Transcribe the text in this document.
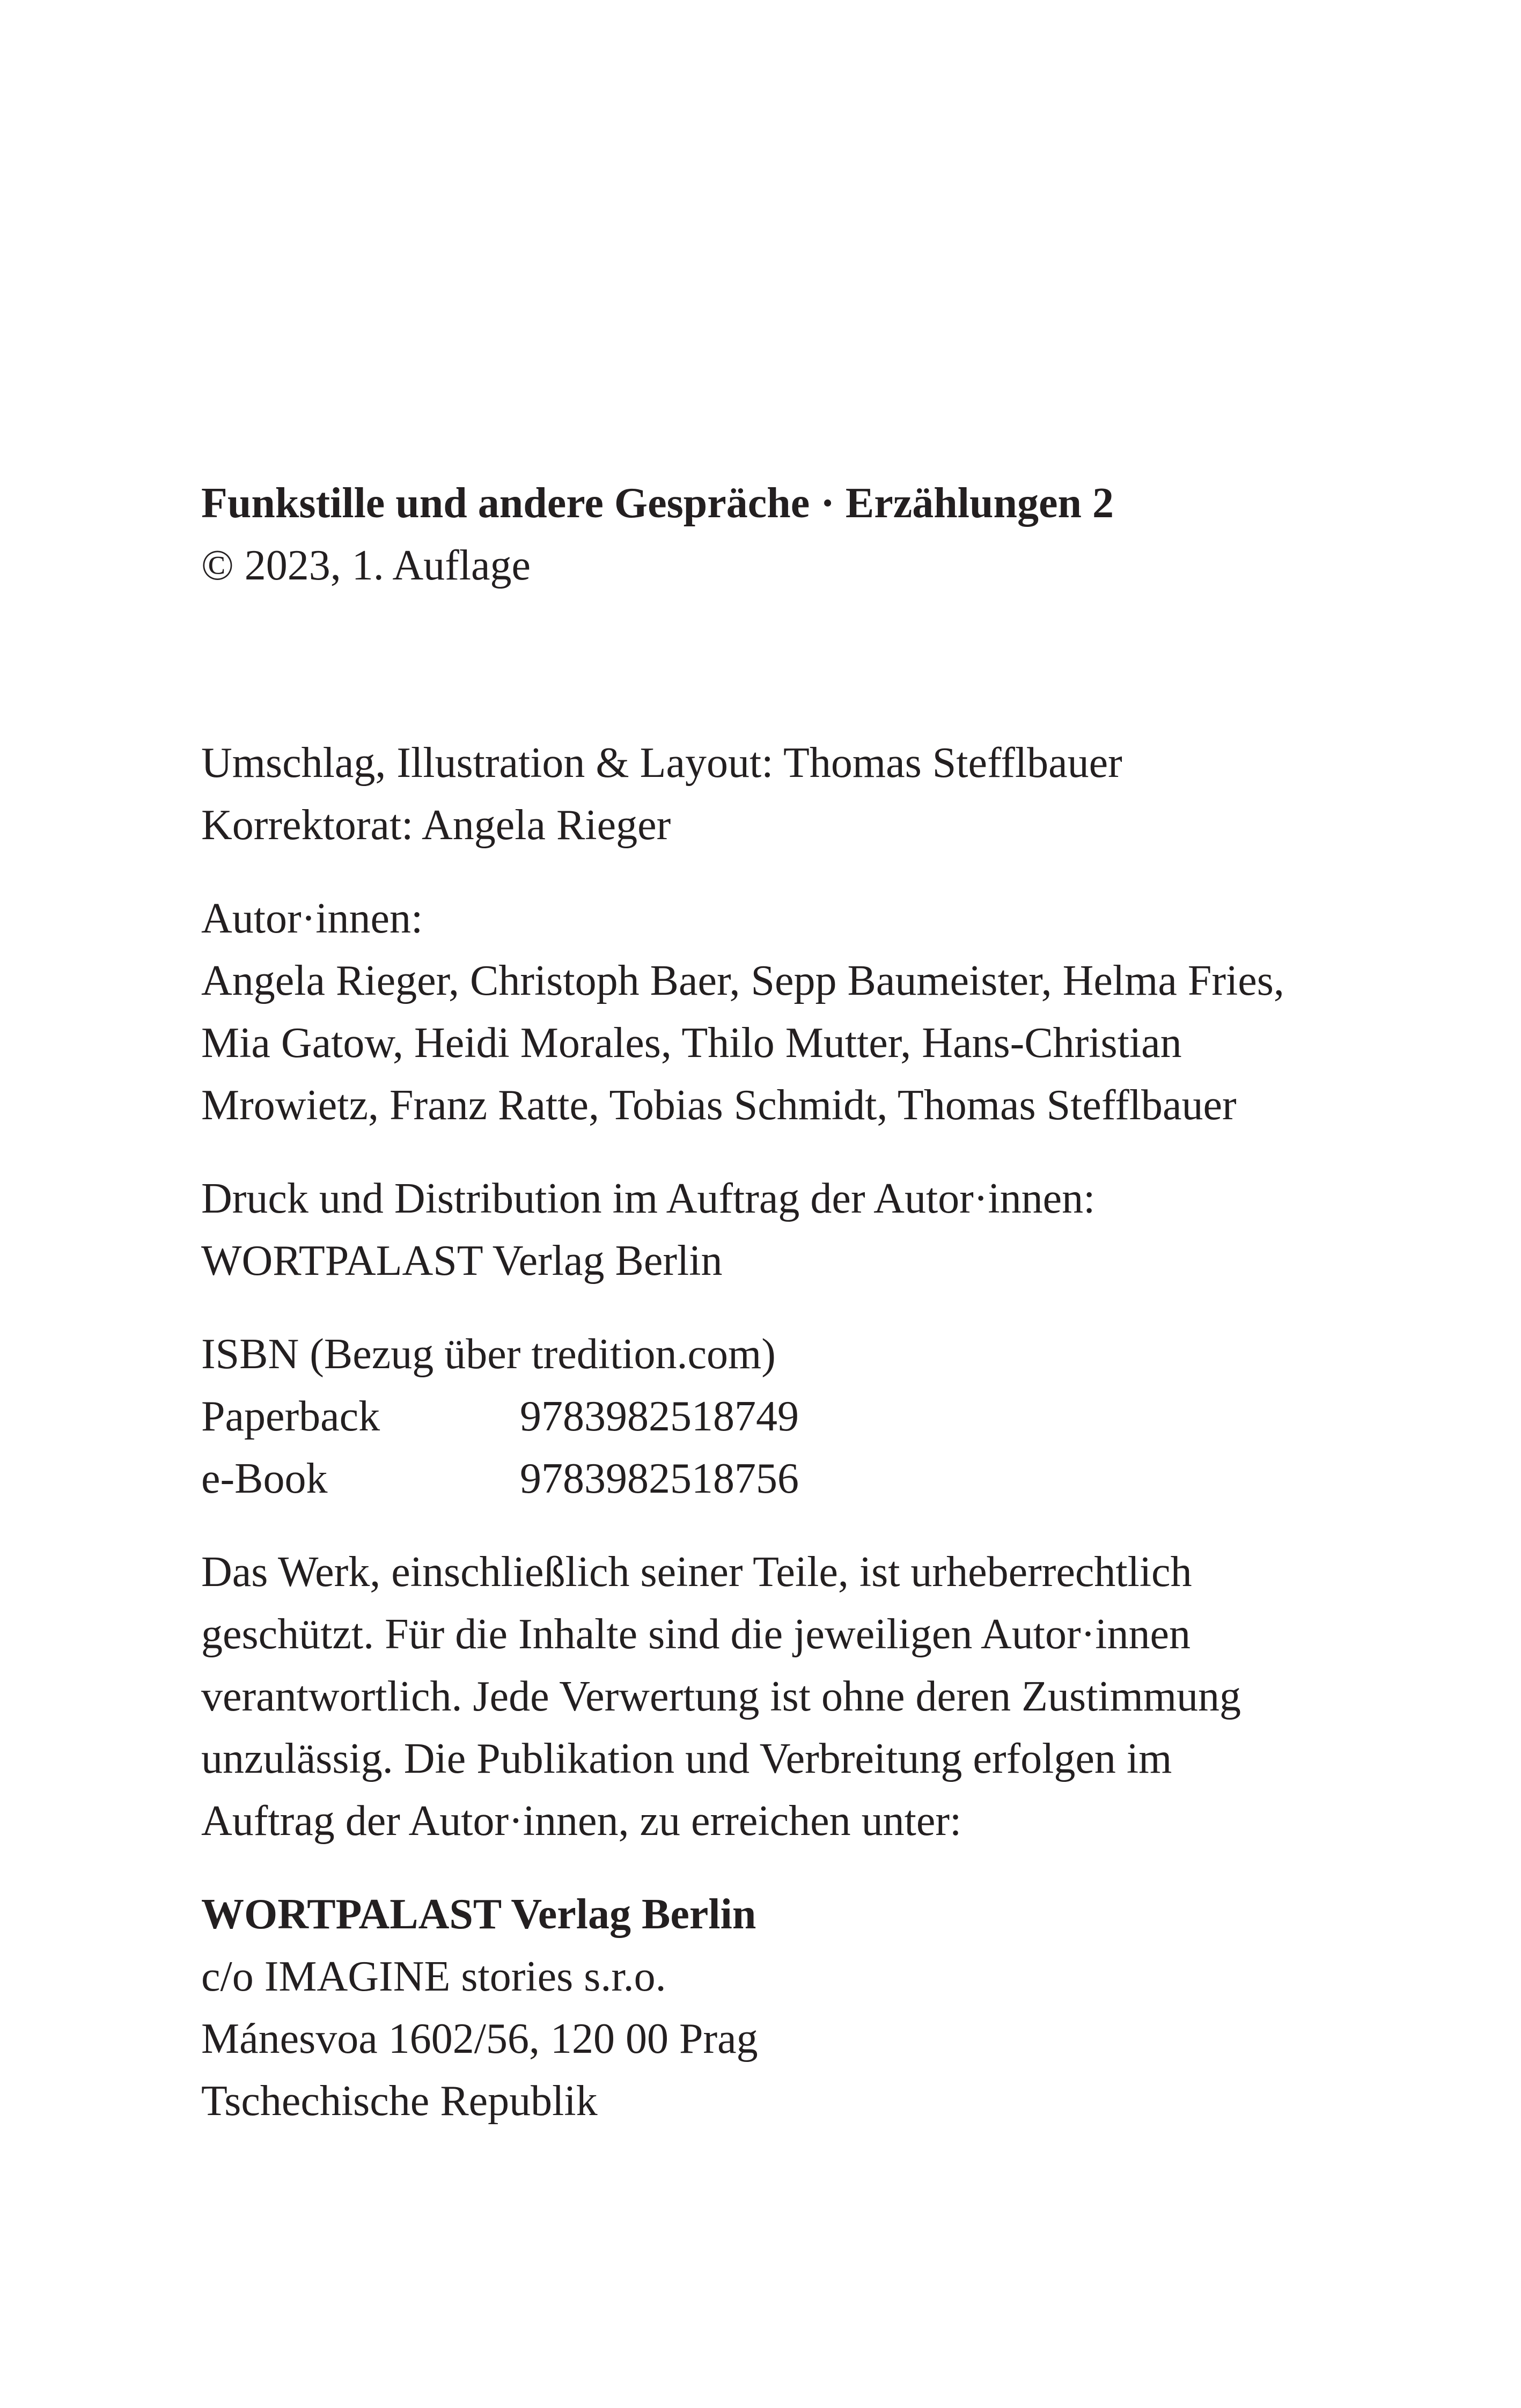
Funkstille und andere Gespräche · Erzählungen 2
© 2023, 1. Auflage
Umschlag, Illustration & Layout: Thomas Stefflbauer
Korrektorat: Angela Rieger
Autor·innen:
Angela Rieger, Christoph Baer, Sepp Baumeister, Helma Fries,
Mia Gatow, Heidi Morales, Thilo Mutter, Hans-Christian
Mrowietz, Franz Ratte, Tobias Schmidt, Thomas Stefflbauer
Druck und Distribution im Auftrag der Autor·innen:
WORTPALAST Verlag Berlin
ISBN (Bezug über tredition.com)
Paperback	9783982518749
e-Book	9783982518756
Das Werk, einschließlich seiner Teile, ist urheberrechtlich
geschützt. Für die Inhalte sind die jeweiligen Autor·innen
verantwortlich. Jede Verwertung ist ohne deren Zustimmung
unzulässig. Die Publikation und Verbreitung erfolgen im
Auftrag der Autor·innen, zu erreichen unter:
WORTPALAST Verlag Berlin
c/o IMAGINE stories s.r.o.
Mánesvoa 1602/56, 120 00 Prag
Tschechische Republik
